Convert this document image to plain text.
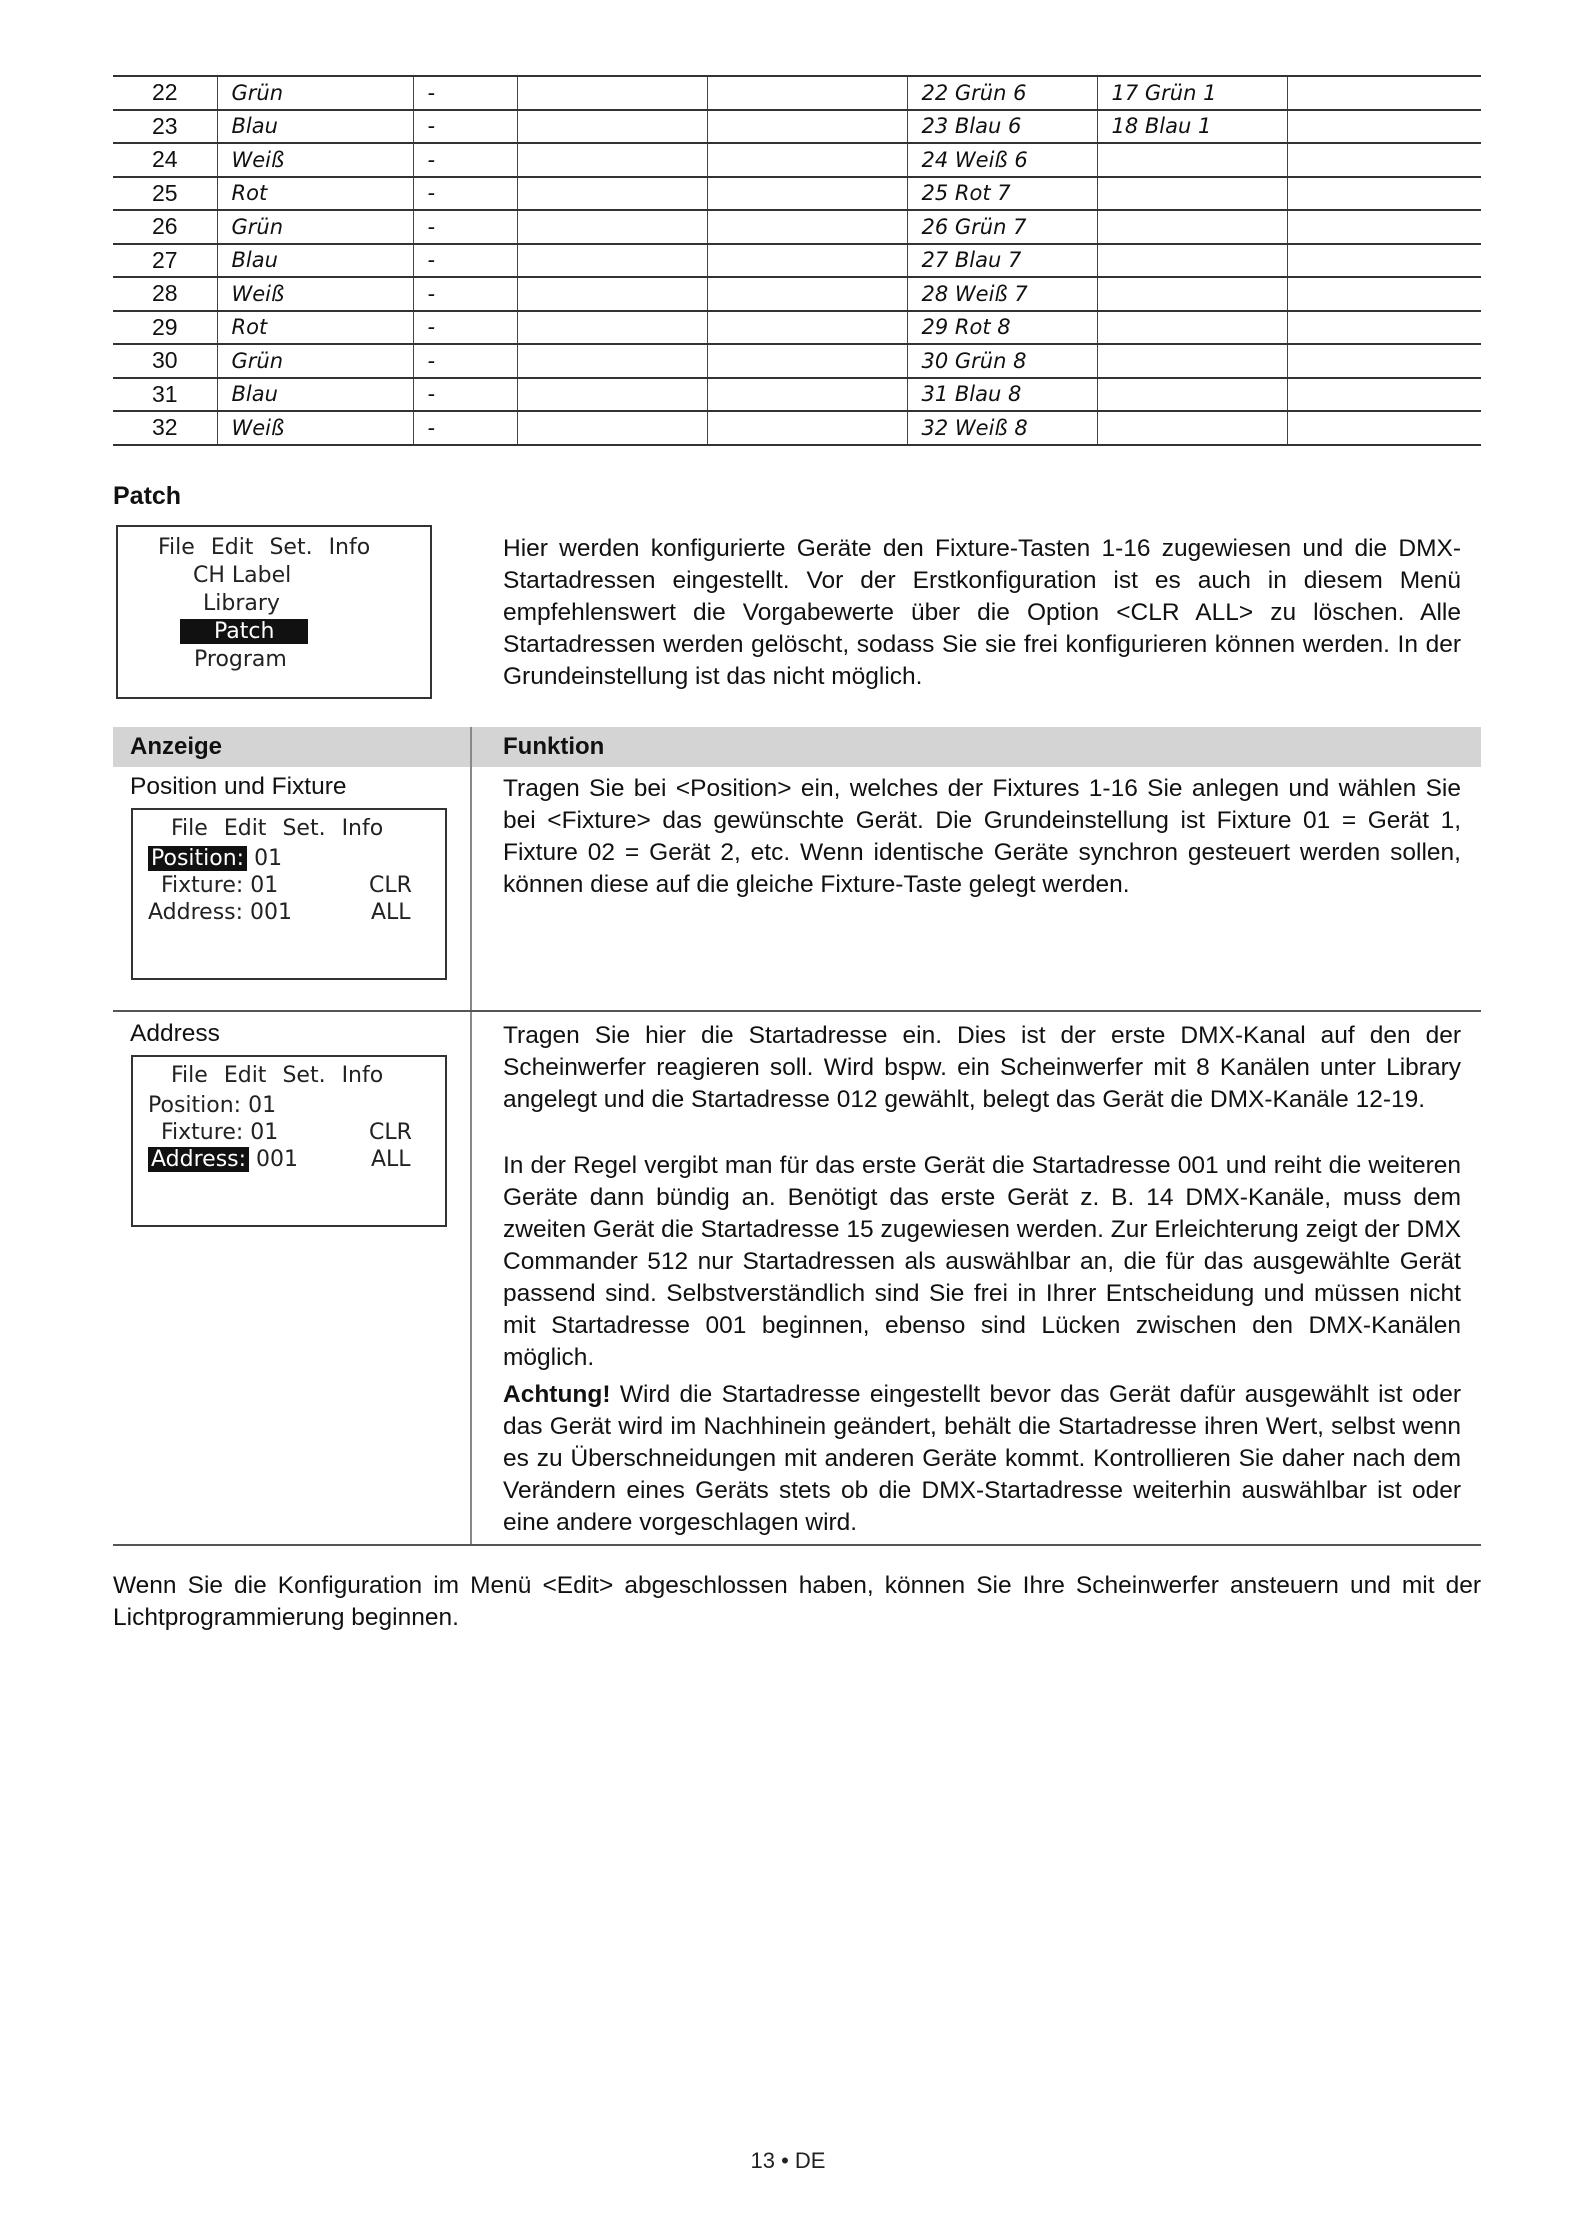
22	Grün	-			22 Grün 6	17 Grün 1	
23	Blau	-			23 Blau 6	18 Blau 1	
24	Weiß	-			24 Weiß 6		
25	Rot	-			25 Rot 7		
26	Grün	-			26 Grün 7		
27	Blau	-			27 Blau 7		
28	Weiß	-			28 Weiß 7		
29	Rot	-			29 Rot 8		
30	Grün	-			30 Grün 8		
31	Blau	-			31 Blau 8		
32	Weiß	-			32 Weiß 8		
Patch
File Edit Set. Info
CH Label
Library
Patch
Program
Hier werden konfigurierte Geräte den Fixture-Tasten 1-16 zugewiesen und die DMX-Startadressen eingestellt. Vor der Erstkonfiguration ist es auch in diesem Menü empfehlenswert die Vorgabewerte über die Option <CLR ALL> zu löschen. Alle Startadressen werden gelöscht, sodass Sie sie frei konfigurieren können werden. In der Grundeinstellung ist das nicht möglich.
Anzeige	Funktion
Position und Fixture
File Edit Set. Info
Position: 01
Fixture: 01	CLR
Address: 001	ALL
Tragen Sie bei <Position> ein, welches der Fixtures 1-16 Sie anlegen und wählen Sie bei <Fixture> das gewünschte Gerät. Die Grundeinstellung ist Fixture 01 = Gerät 1, Fixture 02 = Gerät 2, etc. Wenn identische Geräte synchron gesteuert werden sollen, können diese auf die gleiche Fixture-Taste gelegt werden.
Address
File Edit Set. Info
Position: 01
Fixture: 01	CLR
Address: 001	ALL
Tragen Sie hier die Startadresse ein. Dies ist der erste DMX-Kanal auf den der Scheinwerfer reagieren soll. Wird bspw. ein Scheinwerfer mit 8 Kanälen unter Library angelegt und die Startadresse 012 gewählt, belegt das Gerät die DMX-Kanäle 12-19.
In der Regel vergibt man für das erste Gerät die Startadresse 001 und reiht die weiteren Geräte dann bündig an. Benötigt das erste Gerät z. B. 14 DMX-Kanäle, muss dem zweiten Gerät die Startadresse 15 zugewiesen werden. Zur Erleichterung zeigt der DMX Commander 512 nur Startadressen als auswählbar an, die für das ausgewählte Gerät passend sind. Selbstverständlich sind Sie frei in Ihrer Entscheidung und müssen nicht mit Startadresse 001 beginnen, ebenso sind Lücken zwischen den DMX-Kanälen möglich.
Achtung! Wird die Startadresse eingestellt bevor das Gerät dafür ausgewählt ist oder das Gerät wird im Nachhinein geändert, behält die Startadresse ihren Wert, selbst wenn es zu Überschneidungen mit anderen Geräte kommt. Kontrollieren Sie daher nach dem Verändern eines Geräts stets ob die DMX-Startadresse weiterhin auswählbar ist oder eine andere vorgeschlagen wird.
Wenn Sie die Konfiguration im Menü <Edit> abgeschlossen haben, können Sie Ihre Scheinwerfer ansteuern und mit der Lichtprogrammierung beginnen.
13 • DE
